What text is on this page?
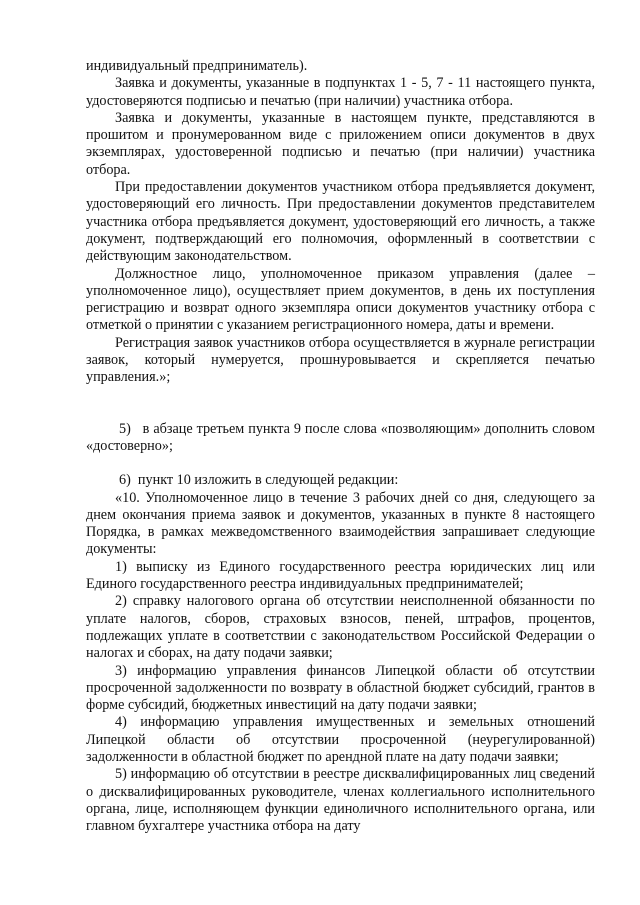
индивидуальный предприниматель).

Заявка и документы, указанные в подпунктах 1 - 5, 7 - 11 настоящего пункта, удостоверяются подписью и печатью (при наличии) участника отбора.

Заявка и документы, указанные в настоящем пункте, представляются в прошитом и пронумерованном виде с приложением описи документов в двух экземплярах, удостоверенной подписью и печатью (при наличии) участника отбора.

При предоставлении документов участником отбора предъявляется документ, удостоверяющий его личность. При предоставлении документов представителем участника отбора предъявляется документ, удостоверяющий его личность, а также документ, подтверждающий его полномочия, оформленный в соответствии с действующим законодательством.

Должностное лицо, уполномоченное приказом управления (далее – уполномоченное лицо), осуществляет прием документов, в день их поступления регистрацию и возврат одного экземпляра описи документов участнику отбора с отметкой о принятии с указанием регистрационного номера, даты и времени.

Регистрация заявок участников отбора осуществляется в журнале регистрации заявок, который нумеруется, прошнуровывается и скрепляется печатью управления.»;

5)   в абзаце третьем пункта 9 после слова «позволяющим» дополнить словом «достоверно»;

6)  пункт 10 изложить в следующей редакции:

«10. Уполномоченное лицо в течение 3 рабочих дней со дня, следующего за днем окончания приема заявок и документов, указанных в пункте 8 настоящего Порядка, в рамках межведомственного взаимодействия запрашивает следующие документы:

1) выписку из Единого государственного реестра юридических лиц или Единого государственного реестра индивидуальных предпринимателей;

2) справку налогового органа об отсутствии неисполненной обязанности по уплате налогов, сборов, страховых взносов, пеней, штрафов, процентов, подлежащих уплате в соответствии с законодательством Российской Федерации о налогах и сборах, на дату подачи заявки;

3) информацию управления финансов Липецкой области об отсутствии просроченной задолженности по возврату в областной бюджет субсидий, грантов в форме субсидий, бюджетных инвестиций на дату подачи заявки;

4) информацию управления имущественных и земельных отношений Липецкой области об отсутствии просроченной (неурегулированной) задолженности в областной бюджет по арендной плате на дату подачи заявки;

5) информацию об отсутствии в реестре дисквалифицированных лиц сведений о дисквалифицированных руководителе, членах коллегиального исполнительного органа, лице, исполняющем функции единоличного исполнительного органа, или главном бухгалтере участника отбора на дату
